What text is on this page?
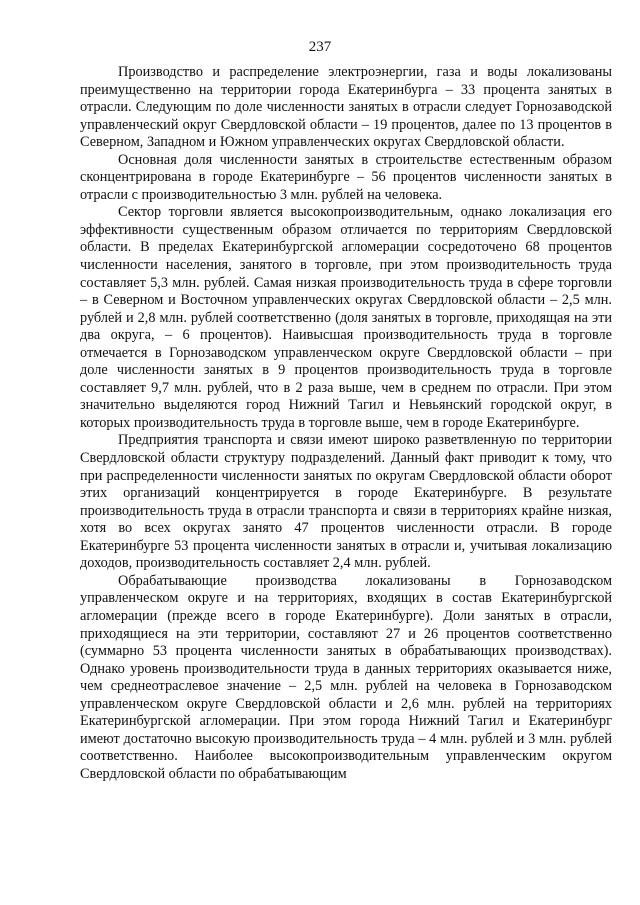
237

Производство и распределение электроэнергии, газа и воды локализованы преимущественно на территории города Екатеринбурга – 33 процента занятых в отрасли. Следующим по доле численности занятых в отрасли следует Горнозаводской управленческий округ Свердловской области – 19 процентов, далее по 13 процентов в Северном, Западном и Южном управленческих округах Свердловской области.

Основная доля численности занятых в строительстве естественным образом сконцентрирована в городе Екатеринбурге – 56 процентов численности занятых в отрасли с производительностью 3 млн. рублей на человека.

Сектор торговли является высокопроизводительным, однако локализация его эффективности существенным образом отличается по территориям Свердловской области. В пределах Екатеринбургской агломерации сосредоточено 68 процентов численности населения, занятого в торговле, при этом производительность труда составляет 5,3 млн. рублей. Самая низкая производительность труда в сфере торговли – в Северном и Восточном управленческих округах Свердловской области – 2,5 млн. рублей и 2,8 млн. рублей соответственно (доля занятых в торговле, приходящая на эти два округа, – 6 процентов). Наивысшая производительность труда в торговле отмечается в Горнозаводском управленческом округе Свердловской области – при доле численности занятых в 9 процентов производительность труда в торговле составляет 9,7 млн. рублей, что в 2 раза выше, чем в среднем по отрасли. При этом значительно выделяются город Нижний Тагил и Невьянский городской округ, в которых производительность труда в торговле выше, чем в городе Екатеринбурге.

Предприятия транспорта и связи имеют широко разветвленную по территории Свердловской области структуру подразделений. Данный факт приводит к тому, что при распределенности численности занятых по округам Свердловской области оборот этих организаций концентрируется в городе Екатеринбурге. В результате производительность труда в отрасли транспорта и связи в территориях крайне низкая, хотя во всех округах занято 47 процентов численности отрасли. В городе Екатеринбурге 53 процента численности занятых в отрасли и, учитывая локализацию доходов, производительность составляет 2,4 млн. рублей.

Обрабатывающие производства локализованы в Горнозаводском управленческом округе и на территориях, входящих в состав Екатеринбургской агломерации (прежде всего в городе Екатеринбурге). Доли занятых в отрасли, приходящиеся на эти территории, составляют 27 и 26 процентов соответственно (суммарно 53 процента численности занятых в обрабатывающих производствах). Однако уровень производительности труда в данных территориях оказывается ниже, чем среднеотраслевое значение – 2,5 млн. рублей на человека в Горнозаводском управленческом округе Свердловской области и 2,6 млн. рублей на территориях Екатеринбургской агломерации. При этом города Нижний Тагил и Екатеринбург имеют достаточно высокую производительность труда – 4 млн. рублей и 3 млн. рублей соответственно. Наиболее высокопроизводительным управленческим округом Свердловской области по обрабатывающим
